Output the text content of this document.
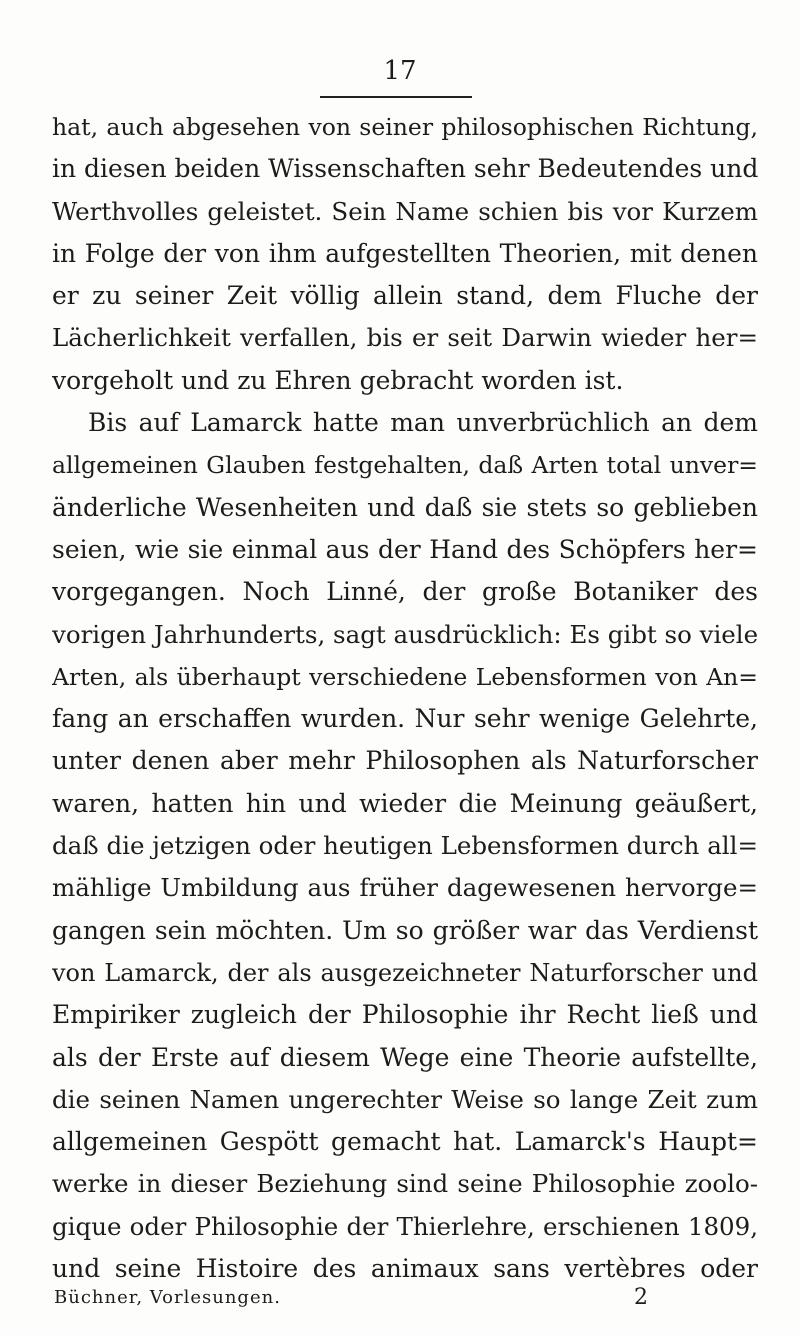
17
hat, auch abgesehen von seiner philosophischen Richtung,
in diesen beiden Wissenschaften sehr Bedeutendes und
Werthvolles geleistet. Sein Name schien bis vor Kurzem
in Folge der von ihm aufgestellten Theorien, mit denen
er zu seiner Zeit völlig allein stand, dem Fluche der
Lächerlichkeit verfallen, bis er seit Darwin wieder her=
vorgeholt und zu Ehren gebracht worden ist.
Bis auf Lamarck hatte man unverbrüchlich an dem
allgemeinen Glauben festgehalten, daß Arten total unver=
änderliche Wesenheiten und daß sie stets so geblieben
seien, wie sie einmal aus der Hand des Schöpfers her=
vorgegangen. Noch Linné, der große Botaniker des
vorigen Jahrhunderts, sagt ausdrücklich: Es gibt so viele
Arten, als überhaupt verschiedene Lebensformen von An=
fang an erschaffen wurden. Nur sehr wenige Gelehrte,
unter denen aber mehr Philosophen als Naturforscher
waren, hatten hin und wieder die Meinung geäußert,
daß die jetzigen oder heutigen Lebensformen durch all=
mählige Umbildung aus früher dagewesenen hervorge=
gangen sein möchten. Um so größer war das Verdienst
von Lamarck, der als ausgezeichneter Naturforscher und
Empiriker zugleich der Philosophie ihr Recht ließ und
als der Erste auf diesem Wege eine Theorie aufstellte,
die seinen Namen ungerechter Weise so lange Zeit zum
allgemeinen Gespött gemacht hat. Lamarck's Haupt=
werke in dieser Beziehung sind seine Philosophie zoolo-
gique oder Philosophie der Thierlehre, erschienen 1809,
und seine Histoire des animaux sans vertèbres oder
Büchner, Vorlesungen.	2
